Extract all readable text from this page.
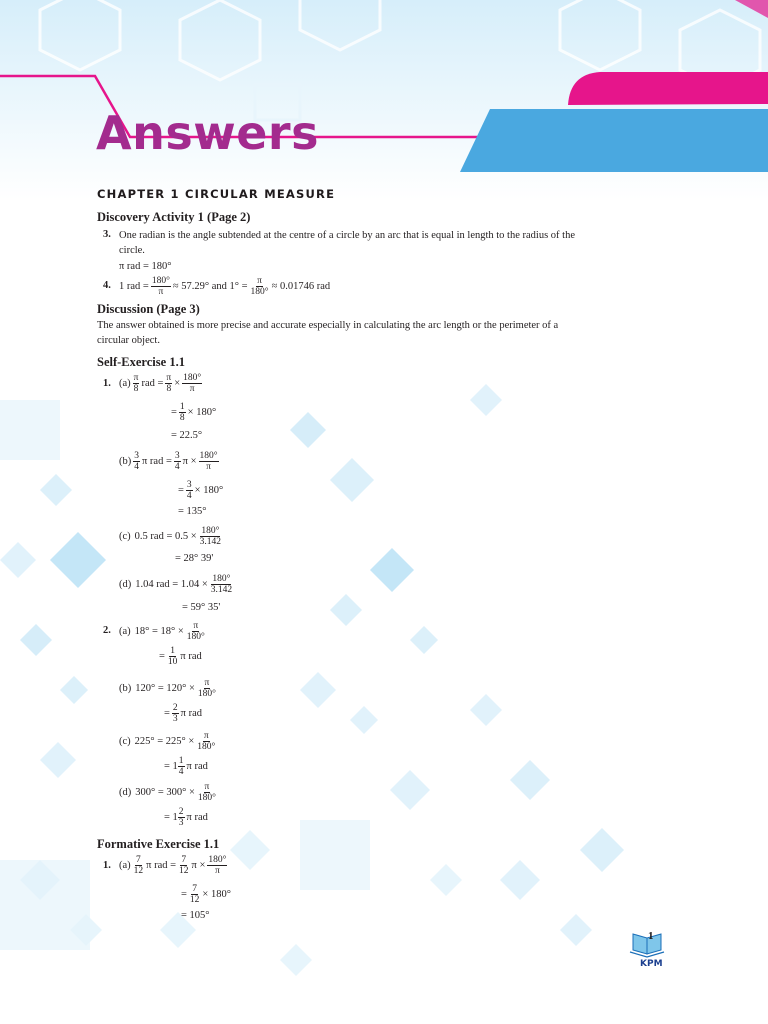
Answers
CHAPTER 1 CIRCULAR MEASURE
Discovery Activity 1 (Page 2)
3. One radian is the angle subtended at the centre of a circle by an arc that is equal in length to the radius of the

circle.

π rad = 180°

4. 1 rad = $\frac{180^\circ}{\pi} \approx 57.29^\circ$ and $1^\circ = \frac{\pi}{180^\circ} \approx 0.01746$ rad
Discussion (Page 3)

The answer obtained is more precise and accurate especially in calculating the arc length or the perimeter of a

circular object.

Self-Exercise 1.1
1. $(a) \frac{\pi}{8}$ rad = $\frac{\pi}{8} \times \frac{180^\circ}{\pi}$
= $\frac{1}{8} \times 180^\circ$

= 22.5°

$(b) \frac{3}{4}$ π rad = $\frac{3}{4}$ $\pi \times \frac{180^\circ}{\pi}$
= $\frac{3}{4} \times 180^\circ$

= 135°

(c) 0.5 rad = $0.5 \times \frac{180^\circ}{3.142}$

= 28° 39'

(d) 1.04 rad = $1.04 \times \frac{180^\circ}{3.142}$

= 59° 35'

2. (a) $18^\circ = 18^\circ \times \frac{\pi}{180^\circ}$
= $\frac{1}{10}$ π rad
(b) $120^\circ = 120^\circ \times \frac{\pi}{180^\circ}$
= $\frac{2}{3}$ π rad
(c) $225^\circ = 225^\circ \times \frac{\pi}{180^\circ}$
= $1 \frac{1}{4}$ π rad
(d) $300^\circ = 300^\circ \times \frac{\pi}{180^\circ}$
= $1 \frac{2}{3}$ π rad
Formative Exercise 1.1
1. $(a) \frac{7}{12}$ π rad = $\frac{7}{12}$ $\pi \times \frac{180^\circ}{\pi}$
= $\frac{7}{12} \times 180^\circ$

= 105°

1
KPM
